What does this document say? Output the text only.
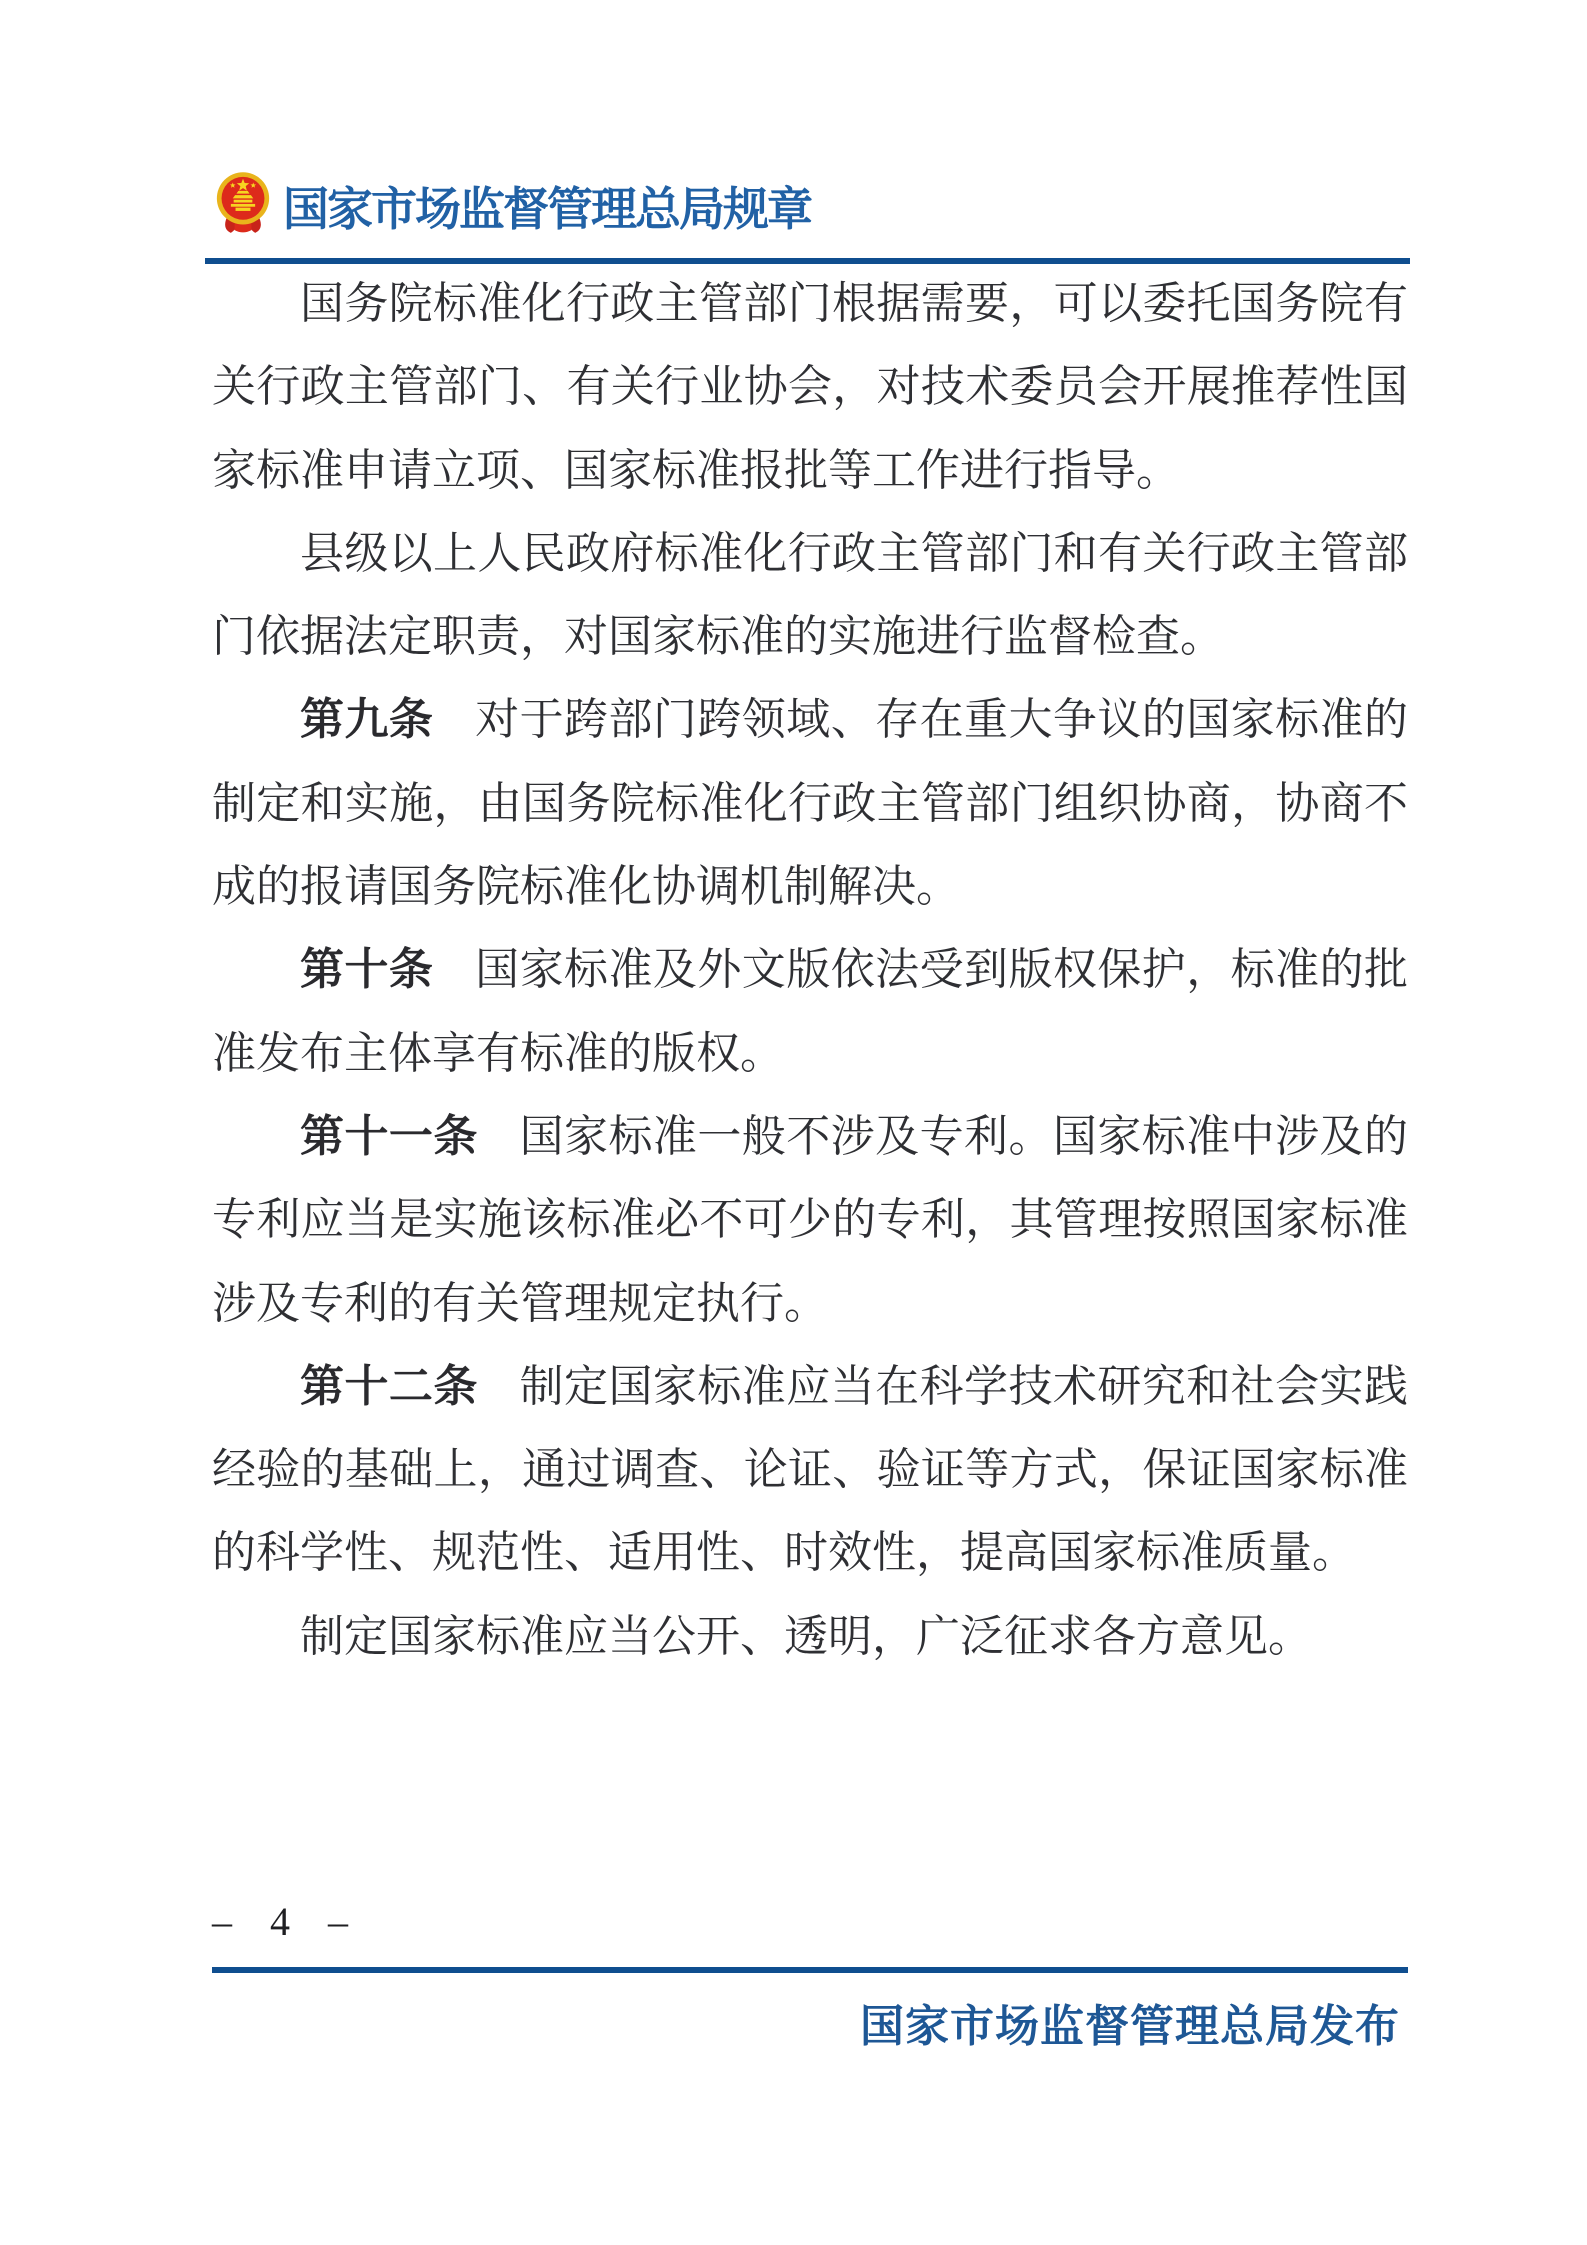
国家市场监督管理总局规章

国务院标准化行政主管部门根据需要，可以委托国务院有关行政主管部门、有关行业协会，对技术委员会开展推荐性国家标准申请立项、国家标准报批等工作进行指导。

县级以上人民政府标准化行政主管部门和有关行政主管部门依据法定职责，对国家标准的实施进行监督检查。

第九条 对于跨部门跨领域、存在重大争议的国家标准的制定和实施，由国务院标准化行政主管部门组织协商，协商不成的报请国务院标准化协调机制解决。

第十条 国家标准及外文版依法受到版权保护，标准的批准发布主体享有标准的版权。

第十一条 国家标准一般不涉及专利。国家标准中涉及的专利应当是实施该标准必不可少的专利，其管理按照国家标准涉及专利的有关管理规定执行。

第十二条 制定国家标准应当在科学技术研究和社会实践经验的基础上，通过调查、论证、验证等方式，保证国家标准的科学性、规范性、适用性、时效性，提高国家标准质量。

制定国家标准应当公开、透明，广泛征求各方意见。

– 4 –
国家市场监督管理总局发布
